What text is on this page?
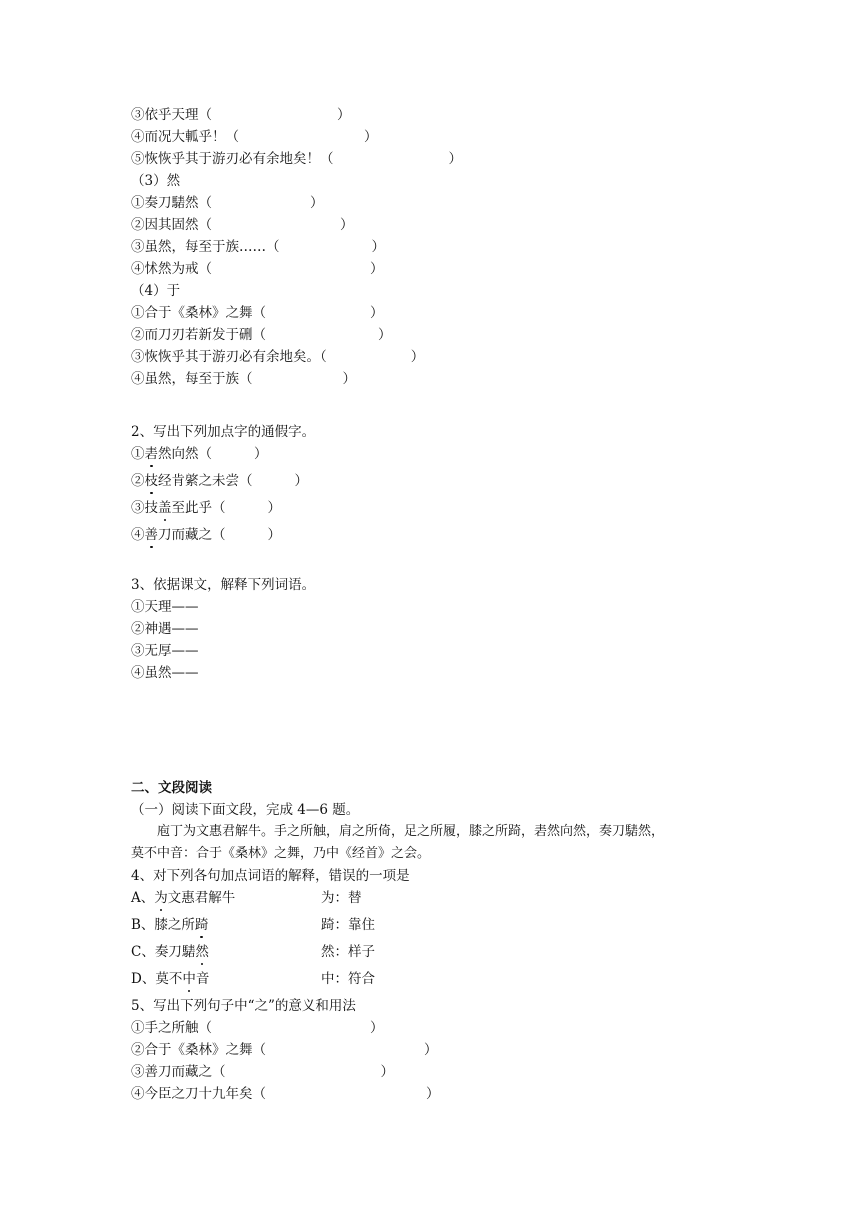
③依乎天理（	）
④而况大軱乎！（	）
⑤恢恢乎其于游刃必有余地矣！（	）
（3）然
①奏刀騞然（	）
②因其固然（	）
③虽然，每至于族……（	）
④怵然为戒（	）
（4）于
①合于《桑林》之舞（	）
②而刀刃若新发于硎（	）
③恢恢乎其于游刃必有余地矣。（	）
④虽然，每至于族（	）
2、写出下列加点字的通假字。
①砉然向然（	）
②枝经肯綮之未尝（	）
③技盖至此乎（	）
④善刀而藏之（	）
3、依据课文，解释下列词语。
①天理——
②神遇——
③无厚——
④虽然——
二、文段阅读
（一）阅读下面文段，完成 4—6 题。
庖丁为文惠君解牛。手之所触，肩之所倚，足之所履，膝之所踦，砉然向然，奏刀騞然，
莫不中音：合于《桑林》之舞，乃中《经首》之会。
4、对下列各句加点词语的解释，错误的一项是
A、为文惠君解牛	为：替
B、膝之所踦	踦：靠住
C、奏刀騞然	然：样子
D、莫不中音	中：符合
5、写出下列句子中“之”的意义和用法
①手之所触（	）
②合于《桑林》之舞（	）
③善刀而藏之（	）
④今臣之刀十九年矣（	）
